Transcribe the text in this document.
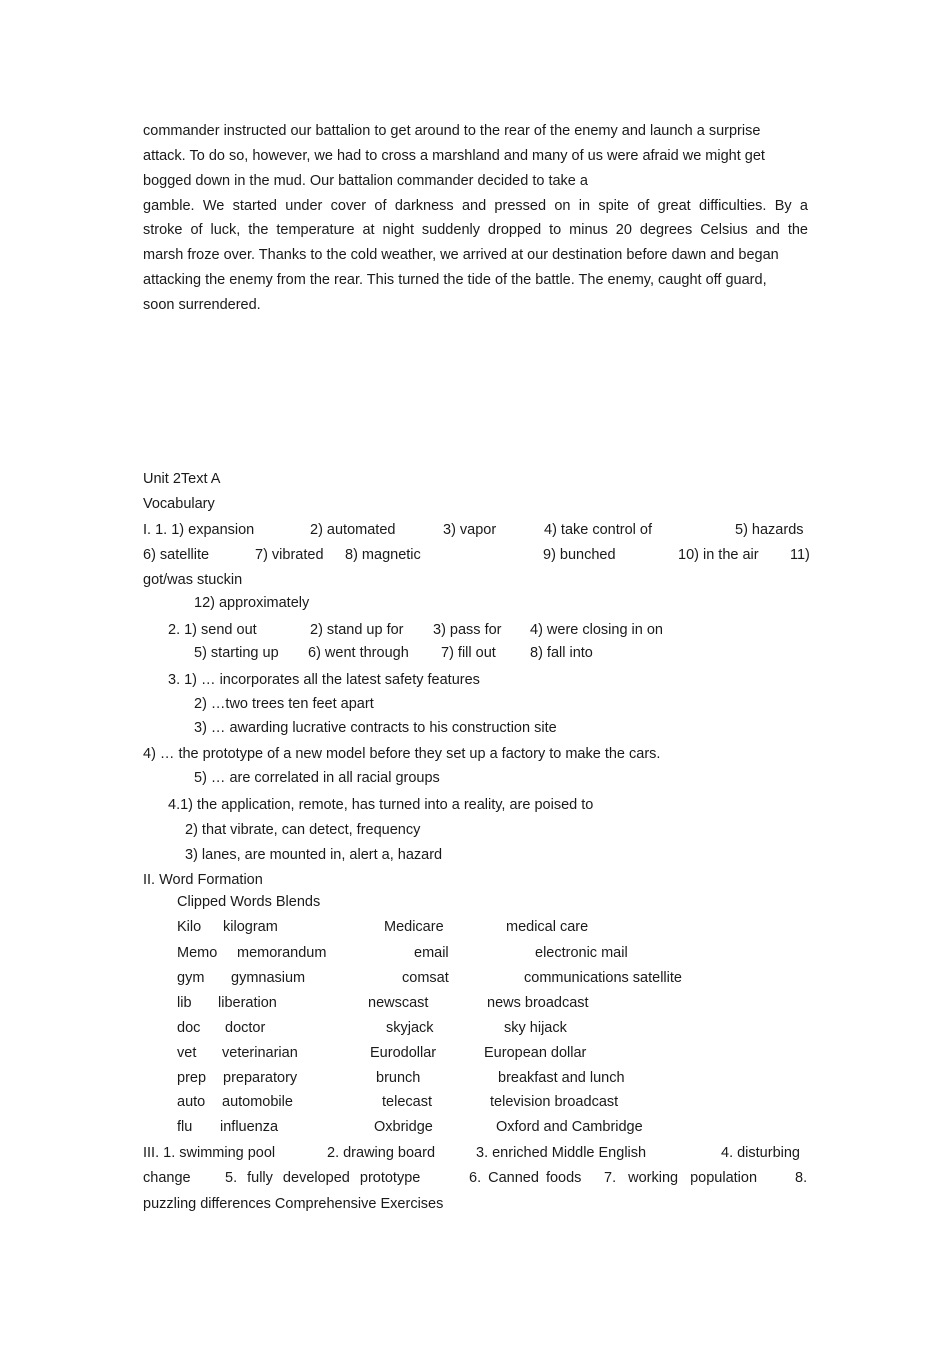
commander instructed our battalion to get around to the rear of the enemy and launch a surprise
attack. To do so, however, we had to cross a marshland and many of us were afraid we might get
bogged down in the mud. Our battalion commander decided to take a
gamble. We started under cover of darkness and pressed on in spite of great difficulties. By a
stroke of luck, the temperature at night suddenly dropped to minus 20 degrees Celsius and the
marsh froze over. Thanks to the cold weather, we arrived at our destination before dawn and began
attacking the enemy from the rear. This turned the tide of the battle. The enemy, caught off guard,
soon surrendered.
Unit 2Text A
Vocabulary
I. 1. 1) expansion	2) automated	3) vapor	4) take control of	5) hazards
6) satellite	7) vibrated 8) magnetic	9) bunched	10) in the air 11)
got/was stuckin
12) approximately
2. 1) send out	2) stand up for 3) pass for 4) were closing in on
5) starting up 6) went through 7) fill out 8) fall into
3. 1) … incorporates all the latest safety features
2) …two trees ten feet apart
3) … awarding lucrative contracts to his construction site
4) … the prototype of a new model before they set up a factory to make the cars.
5) … are correlated in all racial groups
4.1) the application, remote, has turned into a reality, are poised to
2) that vibrate, can detect, frequency
3) lanes, are mounted in, alert a, hazard
II. Word Formation
Clipped Words Blends
Kilo kilogram	Medicare	medical care
Memo memorandum	email	electronic mail
gym gymnasium	comsat	communications satellite
lib liberation	newscast	news broadcast
doc doctor	skyjack	sky hijack
vet veterinarian	Eurodollar	European dollar
prep preparatory	brunch	breakfast and lunch
auto automobile	telecast	television broadcast
flu influenza	Oxbridge	Oxford and Cambridge
III. 1. swimming pool	2. drawing board	3. enriched Middle English	4. disturbing
change 5. fully developed prototype	6. Canned foods 7. working population	8.
puzzling differences Comprehensive Exercises
